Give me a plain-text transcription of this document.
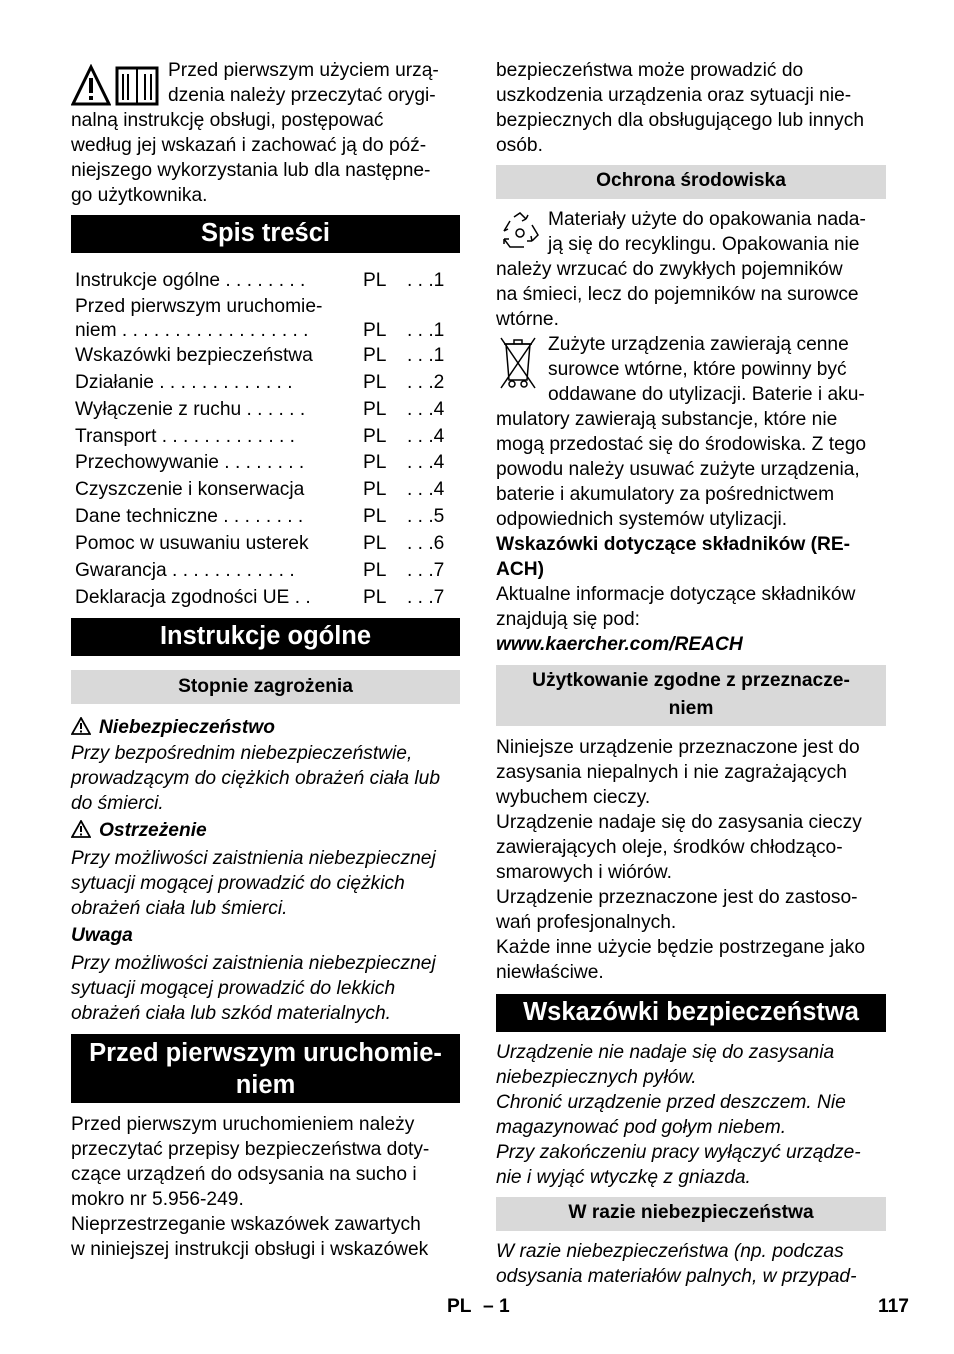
Przed pierwszym użyciem urzą-
dzenia należy przeczytać orygi-
nalną instrukcję obsługi, postępować
według jej wskazań i zachować ją do póź-
niejszego wykorzystania lub dla następne-
go użytkownika.
Spis treści
Instrukcje ogólne . . . . . . . .	PL	. . .1
Przed pierwszym uruchomie-
niem . . . . . . . . . . . . . . . . . .	PL	. . .1
Wskazówki bezpieczeństwa	PL	. . .1
Działanie . . . . . . . . . . . . .	PL	. . .2
Wyłączenie z ruchu . . . . . .	PL	. . .4
Transport . . . . . . . . . . . . .	PL	. . .4
Przechowywanie . . . . . . . .	PL	. . .4
Czyszczenie i konserwacja	PL	. . .4
Dane techniczne . . . . . . . .	PL	. . .5
Pomoc w usuwaniu usterek	PL	. . .6
Gwarancja . . . . . . . . . . . .	PL	. . .7
Deklaracja zgodności UE . .	PL	. . .7
Instrukcje ogólne
Stopnie zagrożenia
Niebezpieczeństwo
Przy bezpośrednim niebezpieczeństwie,
prowadzącym do ciężkich obrażeń ciała lub
do śmierci.
Ostrzeżenie
Przy możliwości zaistnienia niebezpiecznej
sytuacji mogącej prowadzić do ciężkich
obrażeń ciała lub śmierci.
Uwaga
Przy możliwości zaistnienia niebezpiecznej
sytuacji mogącej prowadzić do lekkich
obrażeń ciała lub szkód materialnych.
Przed pierwszym uruchomie-
niem
Przed pierwszym uruchomieniem należy
przeczytać przepisy bezpieczeństwa doty-
czące urządzeń do odsysania na sucho i
mokro nr 5.956-249.
Nieprzestrzeganie wskazówek zawartych
w niniejszej instrukcji obsługi i wskazówek
bezpieczeństwa może prowadzić do
uszkodzenia urządzenia oraz sytuacji nie-
bezpiecznych dla obsługującego lub innych
osób.
Ochrona środowiska
Materiały użyte do opakowania nada-
ją się do recyklingu. Opakowania nie
należy wrzucać do zwykłych pojemników
na śmieci, lecz do pojemników na surowce
wtórne.
Zużyte urządzenia zawierają cenne
surowce wtórne, które powinny być
oddawane do utylizacji. Baterie i aku-
mulatory zawierają substancje, które nie
mogą przedostać się do środowiska. Z tego
powodu należy usuwać zużyte urządzenia,
baterie i akumulatory za pośrednictwem
odpowiednich systemów utylizacji.
Wskazówki dotyczące składników (RE-
ACH)
Aktualne informacje dotyczące składników
znajdują się pod:
www.kaercher.com/REACH
Użytkowanie zgodne z przeznacze-
niem
Niniejsze urządzenie przeznaczone jest do
zasysania niepalnych i nie zagrażających
wybuchem cieczy.
Urządzenie nadaje się do zasysania cieczy
zawierających oleje, środków chłodząco-
smarowych i wiórów.
Urządzenie przeznaczone jest do zastoso-
wań profesjonalnych.
Każde inne użycie będzie postrzegane jako
niewłaściwe.
Wskazówki bezpieczeństwa
Urządzenie nie nadaje się do zasysania
niebezpiecznych pyłów.
Chronić urządzenie przed deszczem. Nie
magazynować pod gołym niebem.
Przy zakończeniu pracy wyłączyć urządze-
nie i wyjąć wtyczkę z gniazda.
W razie niebezpieczeństwa
W razie niebezpieczeństwa (np. podczas
odsysania materiałów palnych, w przypad-
PL – 1	117
